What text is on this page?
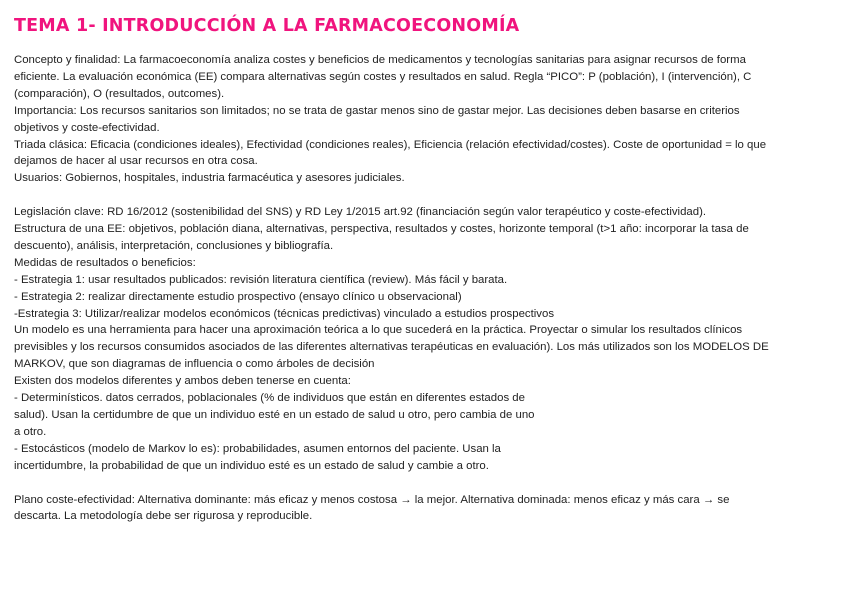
TEMA 1- INTRODUCCIÓN A LA FARMACOECONOMÍA
Concepto y finalidad: La farmacoeconomía analiza costes y beneficios de medicamentos y tecnologías sanitarias para asignar recursos de forma
eficiente. La evaluación económica (EE) compara alternativas según costes y resultados en salud. Regla “PICO”: P (población), I (intervención), C
(comparación), O (resultados, outcomes).
Importancia: Los recursos sanitarios son limitados; no se trata de gastar menos sino de gastar mejor. Las decisiones deben basarse en criterios
objetivos y coste-efectividad.
Triada clásica: Eficacia (condiciones ideales), Efectividad (condiciones reales), Eficiencia (relación efectividad/costes). Coste de oportunidad = lo que
dejamos de hacer al usar recursos en otra cosa.
Usuarios: Gobiernos, hospitales, industria farmacéutica y asesores judiciales.
Legislación clave: RD 16/2012 (sostenibilidad del SNS) y RD Ley 1/2015 art.92 (financiación según valor terapéutico y coste-efectividad).
Estructura de una EE: objetivos, población diana, alternativas, perspectiva, resultados y costes, horizonte temporal (t>1 año: incorporar la tasa de
descuento), análisis, interpretación, conclusiones y bibliografía.
Medidas de resultados o beneficios:
- Estrategia 1: usar resultados publicados: revisión literatura científica (review). Más fácil y barata.
- Estrategia 2: realizar directamente estudio prospectivo (ensayo clínico u observacional)
-Estrategia 3: Utilizar/realizar modelos económicos (técnicas predictivas) vinculado a estudios prospectivos
Un modelo es una herramienta para hacer una aproximación teórica a lo que sucederá en la práctica. Proyectar o simular los resultados clínicos
previsibles y los recursos consumidos asociados de las diferentes alternativas terapéuticas en evaluación). Los más utilizados son los MODELOS DE
MARKOV, que son diagramas de influencia o como árboles de decisión
Existen dos modelos diferentes y ambos deben tenerse en cuenta:
- Determinísticos. datos cerrados, poblacionales (% de individuos que están en diferentes estados de
salud). Usan la certidumbre de que un individuo esté en un estado de salud u otro, pero cambia de uno
a otro.
- Estocásticos (modelo de Markov lo es): probabilidades, asumen entornos del paciente. Usan la
incertidumbre, la probabilidad de que un individuo esté es un estado de salud y cambie a otro.
Plano coste-efectividad: Alternativa dominante: más eficaz y menos costosa → la mejor. Alternativa dominada: menos eficaz y más cara → se
descarta. La metodología debe ser rigurosa y reproducible.
